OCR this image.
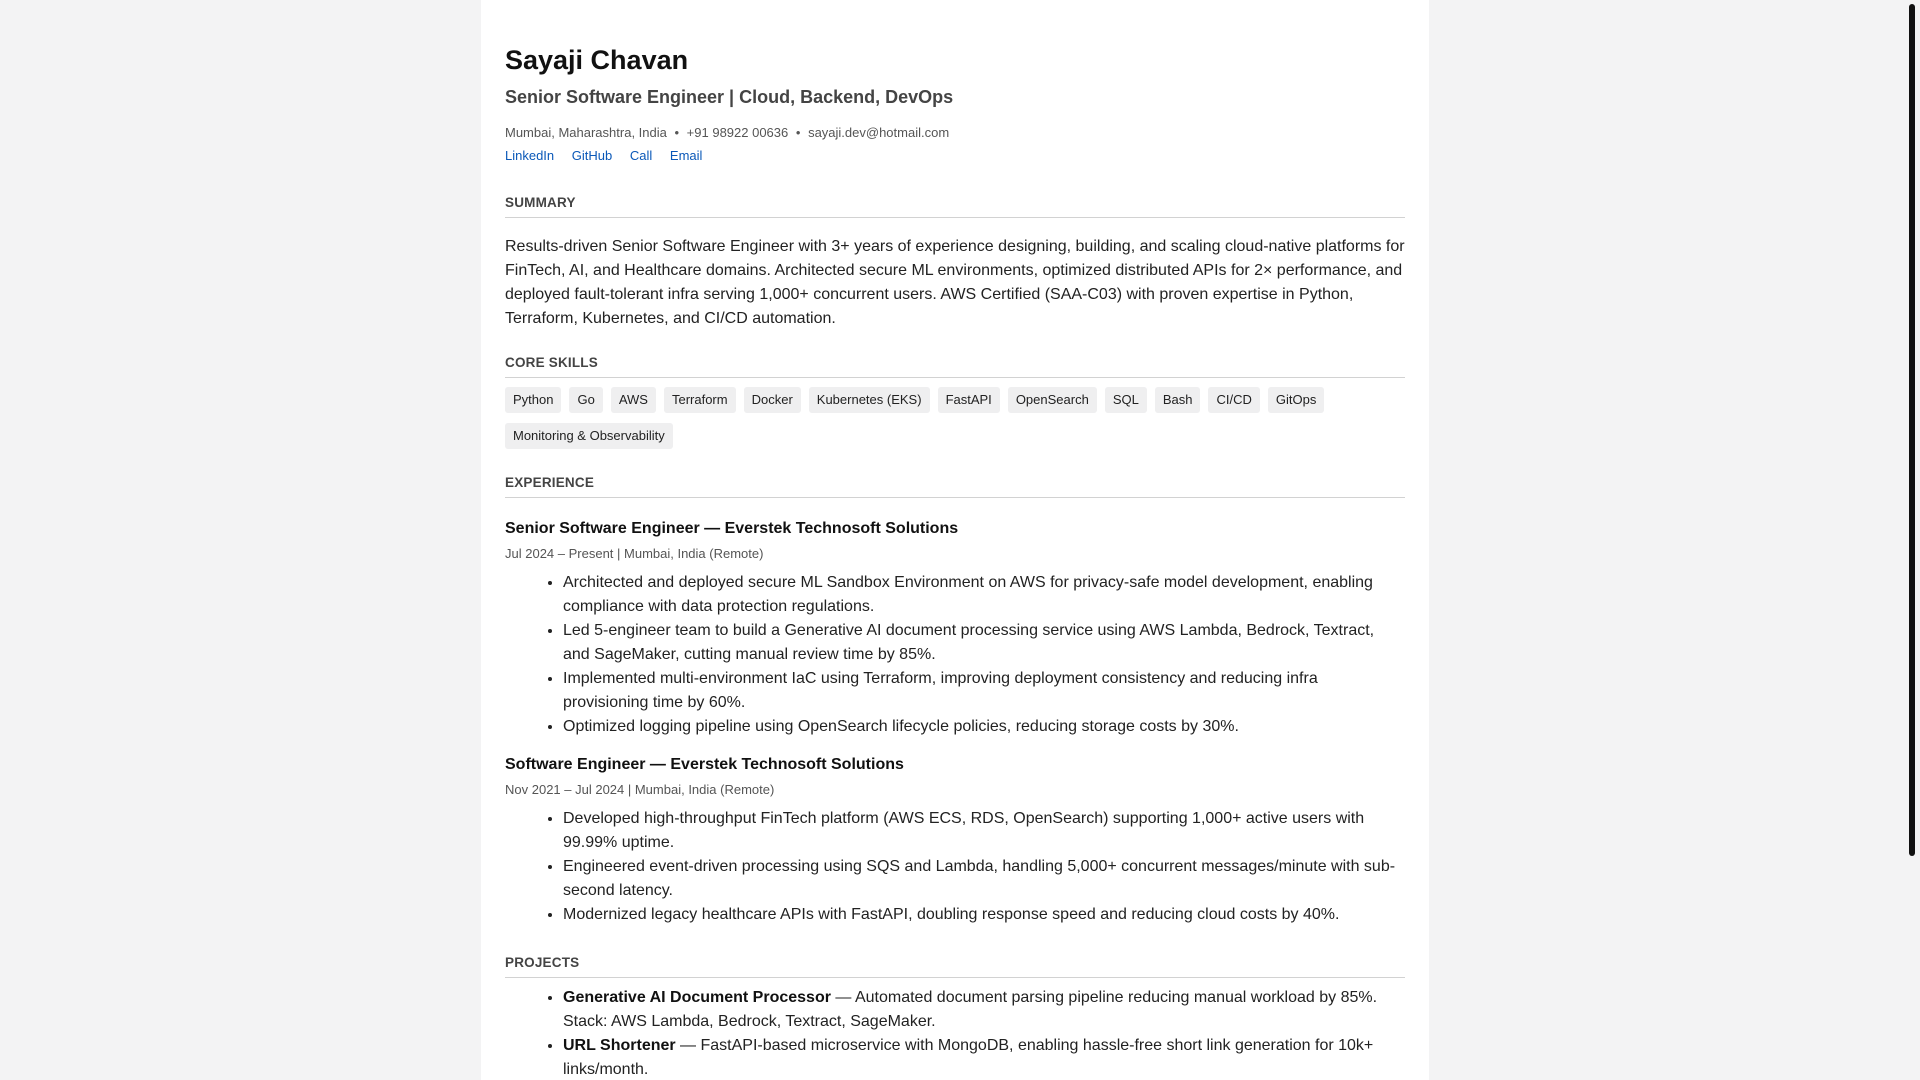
Sayaji Chavan
Senior Software Engineer | Cloud, Backend, DevOps
Mumbai, Maharashtra, India • +91 98922 00636 • sayaji.dev@hotmail.com
LinkedIn GitHub Call Email
SUMMARY
Results-driven Senior Software Engineer with 3+ years of experience designing, building, and scaling cloud-native platforms for FinTech, AI, and Healthcare domains. Architected secure ML environments, optimized distributed APIs for 2× performance, and deployed fault-tolerant infra serving 1,000+ concurrent users. AWS Certified (SAA-C03) with proven expertise in Python, Terraform, Kubernetes, and CI/CD automation.
CORE SKILLS
Python	Go	AWS	Terraform	Docker	Kubernetes (EKS)	FastAPI	OpenSearch	SQL	Bash	CI/CD	GitOps
Monitoring & Observability
EXPERIENCE
Senior Software Engineer — Everstek Technosoft Solutions
Jul 2024 – Present | Mumbai, India (Remote)
• Architected and deployed secure ML Sandbox Environment on AWS for privacy-safe model development, enabling compliance with data protection regulations.
• Led 5-engineer team to build a Generative AI document processing service using AWS Lambda, Bedrock, Textract, and SageMaker, cutting manual review time by 85%.
• Implemented multi-environment IaC using Terraform, improving deployment consistency and reducing infra provisioning time by 60%.
• Optimized logging pipeline using OpenSearch lifecycle policies, reducing storage costs by 30%.
Software Engineer — Everstek Technosoft Solutions
Nov 2021 – Jul 2024 | Mumbai, India (Remote)
• Developed high-throughput FinTech platform (AWS ECS, RDS, OpenSearch) supporting 1,000+ active users with 99.99% uptime.
• Engineered event-driven processing using SQS and Lambda, handling 5,000+ concurrent messages/minute with sub-second latency.
• Modernized legacy healthcare APIs with FastAPI, doubling response speed and reducing cloud costs by 40%.
PROJECTS
• Generative AI Document Processor — Automated document parsing pipeline reducing manual workload by 85%. Stack: AWS Lambda, Bedrock, Textract, SageMaker.
• URL Shortener — FastAPI-based microservice with MongoDB, enabling hassle-free short link generation for 10k+ links/month.
